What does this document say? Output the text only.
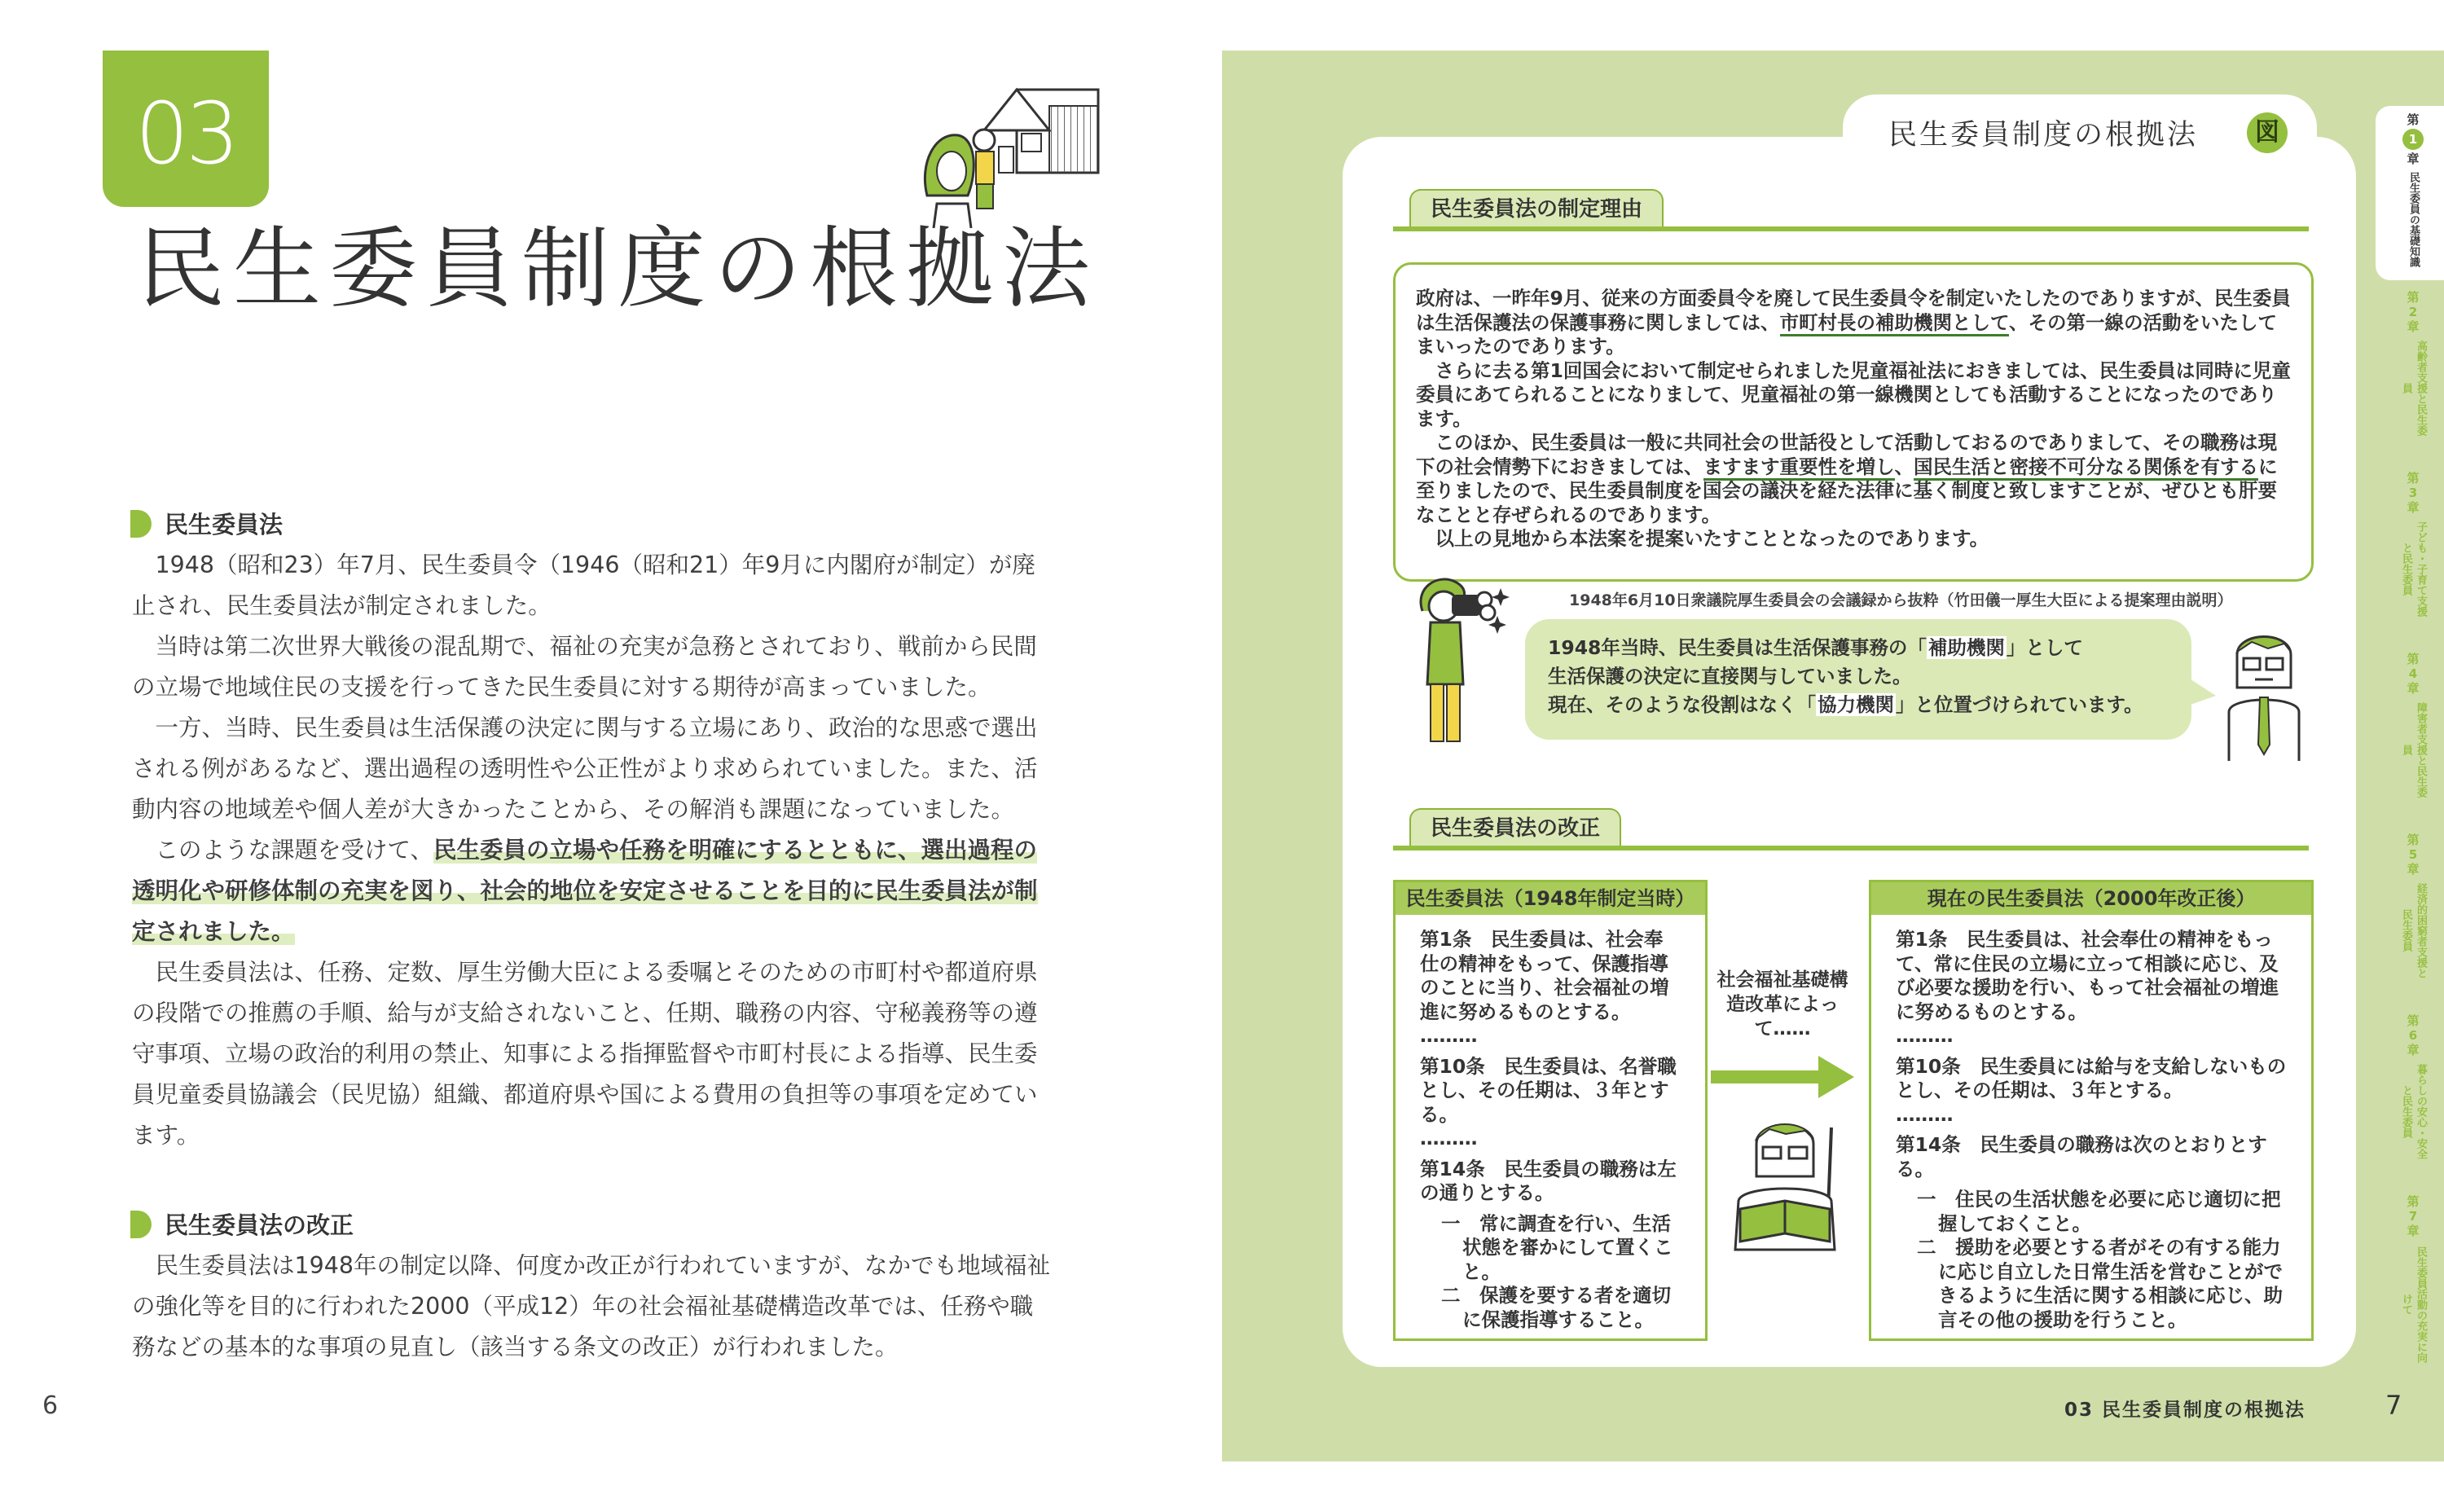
03
民生委員制度の根拠法
民生委員法

1948（昭和23）年7月、民生委員令（1946（昭和21）年9月に内閣府が制定）が廃止され、民生委員法が制定されました。

当時は第二次世界大戦後の混乱期で、福祉の充実が急務とされており、戦前から民間の立場で地域住民の支援を行ってきた民生委員に対する期待が高まっていました。

一方、当時、民生委員は生活保護の決定に関与する立場にあり、政治的な思惑で選出される例があるなど、選出過程の透明性や公正性がより求められていました。また、活動内容の地域差や個人差が大きかったことから、その解消も課題になっていました。

このような課題を受けて、民生委員の立場や任務を明確にするとともに、選出過程の透明化や研修体制の充実を図り、社会的地位を安定させることを目的に民生委員法が制定されました。

民生委員法は、任務、定数、厚生労働大臣による委嘱とそのための市町村や都道府県の段階での推薦の手順、給与が支給されないこと、任期、職務の内容、守秘義務等の遵守事項、立場の政治的利用の禁止、知事による指揮監督や市町村長による指導、民生委員児童委員協議会（民児協）組織、都道府県や国による費用の負担等の事項を定めています。

民生委員法の改正

民生委員法は1948年の制定以降、何度か改正が行われていますが、なかでも地域福祉の強化等を目的に行われた2000（平成12）年の社会福祉基礎構造改革では、任務や職務などの基本的な事項の見直し（該当する条文の改正）が行われました。

6
民生委員制度の根拠法	図
民生委員法の制定理由

政府は、一昨年9月、従来の方面委員令を廃して民生委員令を制定いたしたのでありますが、民生委員は生活保護法の保護事務に関しましては、市町村長の補助機関として、その第一線の活動をいたしてまいったのであります。

さらに去る第1回国会において制定せられました児童福祉法におきましては、民生委員は同時に児童委員にあてられることになりまして、児童福祉の第一線機関としても活動することになったのであります。

このほか、民生委員は一般に共同社会の世話役として活動しておるのでありまして、その職務は現下の社会情勢下におきましては、ますます重要性を増し、国民生活と密接不可分なる関係を有するに至りましたので、民生委員制度を国会の議決を経た法律に基く制度と致しますことが、ぜひとも肝要なことと存ぜられるのであります。

以上の見地から本法案を提案いたすこととなったのであります。

1948年6月10日衆議院厚生委員会の会議録から抜粋（竹田儀一厚生大臣による提案理由説明）
1948年当時、民生委員は生活保護事務の「補助機関」として
生活保護の決定に直接関与していました。
現在、そのような役割はなく「協力機関」と位置づけられています。
民生委員法の改正
民生委員法（1948年制定当時）

第1条　民生委員は、社会奉仕の精神をもって、保護指導のことに当り、社会福祉の増進に努めるものとする。

………

第10条　民生委員は、名誉職とし、その任期は、３年とする。

………

第14条　民生委員の職務は左の通りとする。

一　常に調査を行い、生活状態を審かにして置くこと。

二　保護を要する者を適切に保護指導すること。

社会福祉基礎構造改革によって……
現在の民生委員法（2000年改正後）

第1条　民生委員は、社会奉仕の精神をもって、常に住民の立場に立って相談に応じ、及び必要な援助を行い、もって社会福祉の増進に努めるものとする。

………

第10条　民生委員には給与を支給しないものとし、その任期は、３年とする。

………

第14条　民生委員の職務は次のとおりとする。

一　住民の生活状態を必要に応じ適切に把握しておくこと。

二　援助を必要とする者がその有する能力に応じ自立した日常生活を営むことができるように生活に関する相談に応じ、助言その他の援助を行うこと。

第
1
章
民生委員の基礎知識
第
2
章
高齢者支援と民生委員
第
3
章
子ども・子育て支援と民生委員
第
4
章
障害者支援と民生委員
第
5
章
経済的困窮者支援と民生委員
第
6
章
暮らしの安心・安全と民生委員
第
7
章
民生委員活動の充実に向けて
03 民生委員制度の根拠法	7
